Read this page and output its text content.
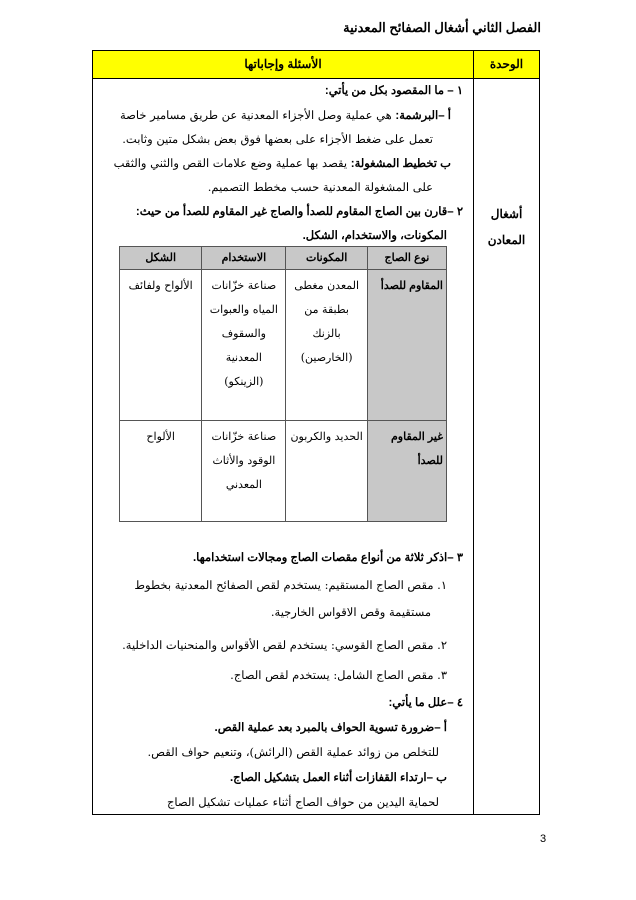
الفصل الثاني أشغال الصفائح المعدنية
الوحدة
الأسئلة وإجاباتها
أشغال
المعادن
١ – ما المقصود بكل من يأتي:
أ –البرشمة: هي عملية وصل الأجزاء المعدنية عن طريق مسامير خاصة
تعمل على ضغط الأجزاء على بعضها فوق بعض بشكل متين وثابت.
ب تخطيط المشغولة: يقصد بها عملية وضع علامات القص والثني والثقب
على المشغولة المعدنية حسب مخطط التصميم.
٢ –قارن بين الصاج المقاوم للصدأ والصاج غير المقاوم للصدأ من حيث:
المكونات، والاستخدام، الشكل.
٣ –اذكر ثلاثة من أنواع مقصات الصاج ومجالات استخدامها.
١. مقص الصاج المستقيم: يستخدم لقص الصفائح المعدنية بخطوط
مستقيمة وقص الاقواس الخارجية.
٢. مقص الصاج القوسي: يستخدم لقص الأقواس والمنحنيات الداخلية.
٣. مقص الصاج الشامل: يستخدم لقص الصاج.
٤ –علل ما يأتي:
أ –ضرورة تسوية الحواف بالمبرد بعد عملية القص.
للتخلص من زوائد عملية القص (الرائش)، وتنعيم حواف القص.
ب –ارتداء القفازات أثناء العمل بتشكيل الصاج.
لحماية اليدين من حواف الصاج أثناء عمليات تشكيل الصاج
نوع الصاج	المكونات	الاستخدام	الشكل
المقاوم للصدأ	المعدن مغطى بطبقة من بالزنك (الخارصين)	صناعة خزّانات المياه والعبوات والسقوف المعدنية (الزينكو)	الألواح ولفائف
غير المقاوم للصدأ	الحديد والكربون	صناعة خزّانات الوقود والأثاث المعدني	الألواح
3
